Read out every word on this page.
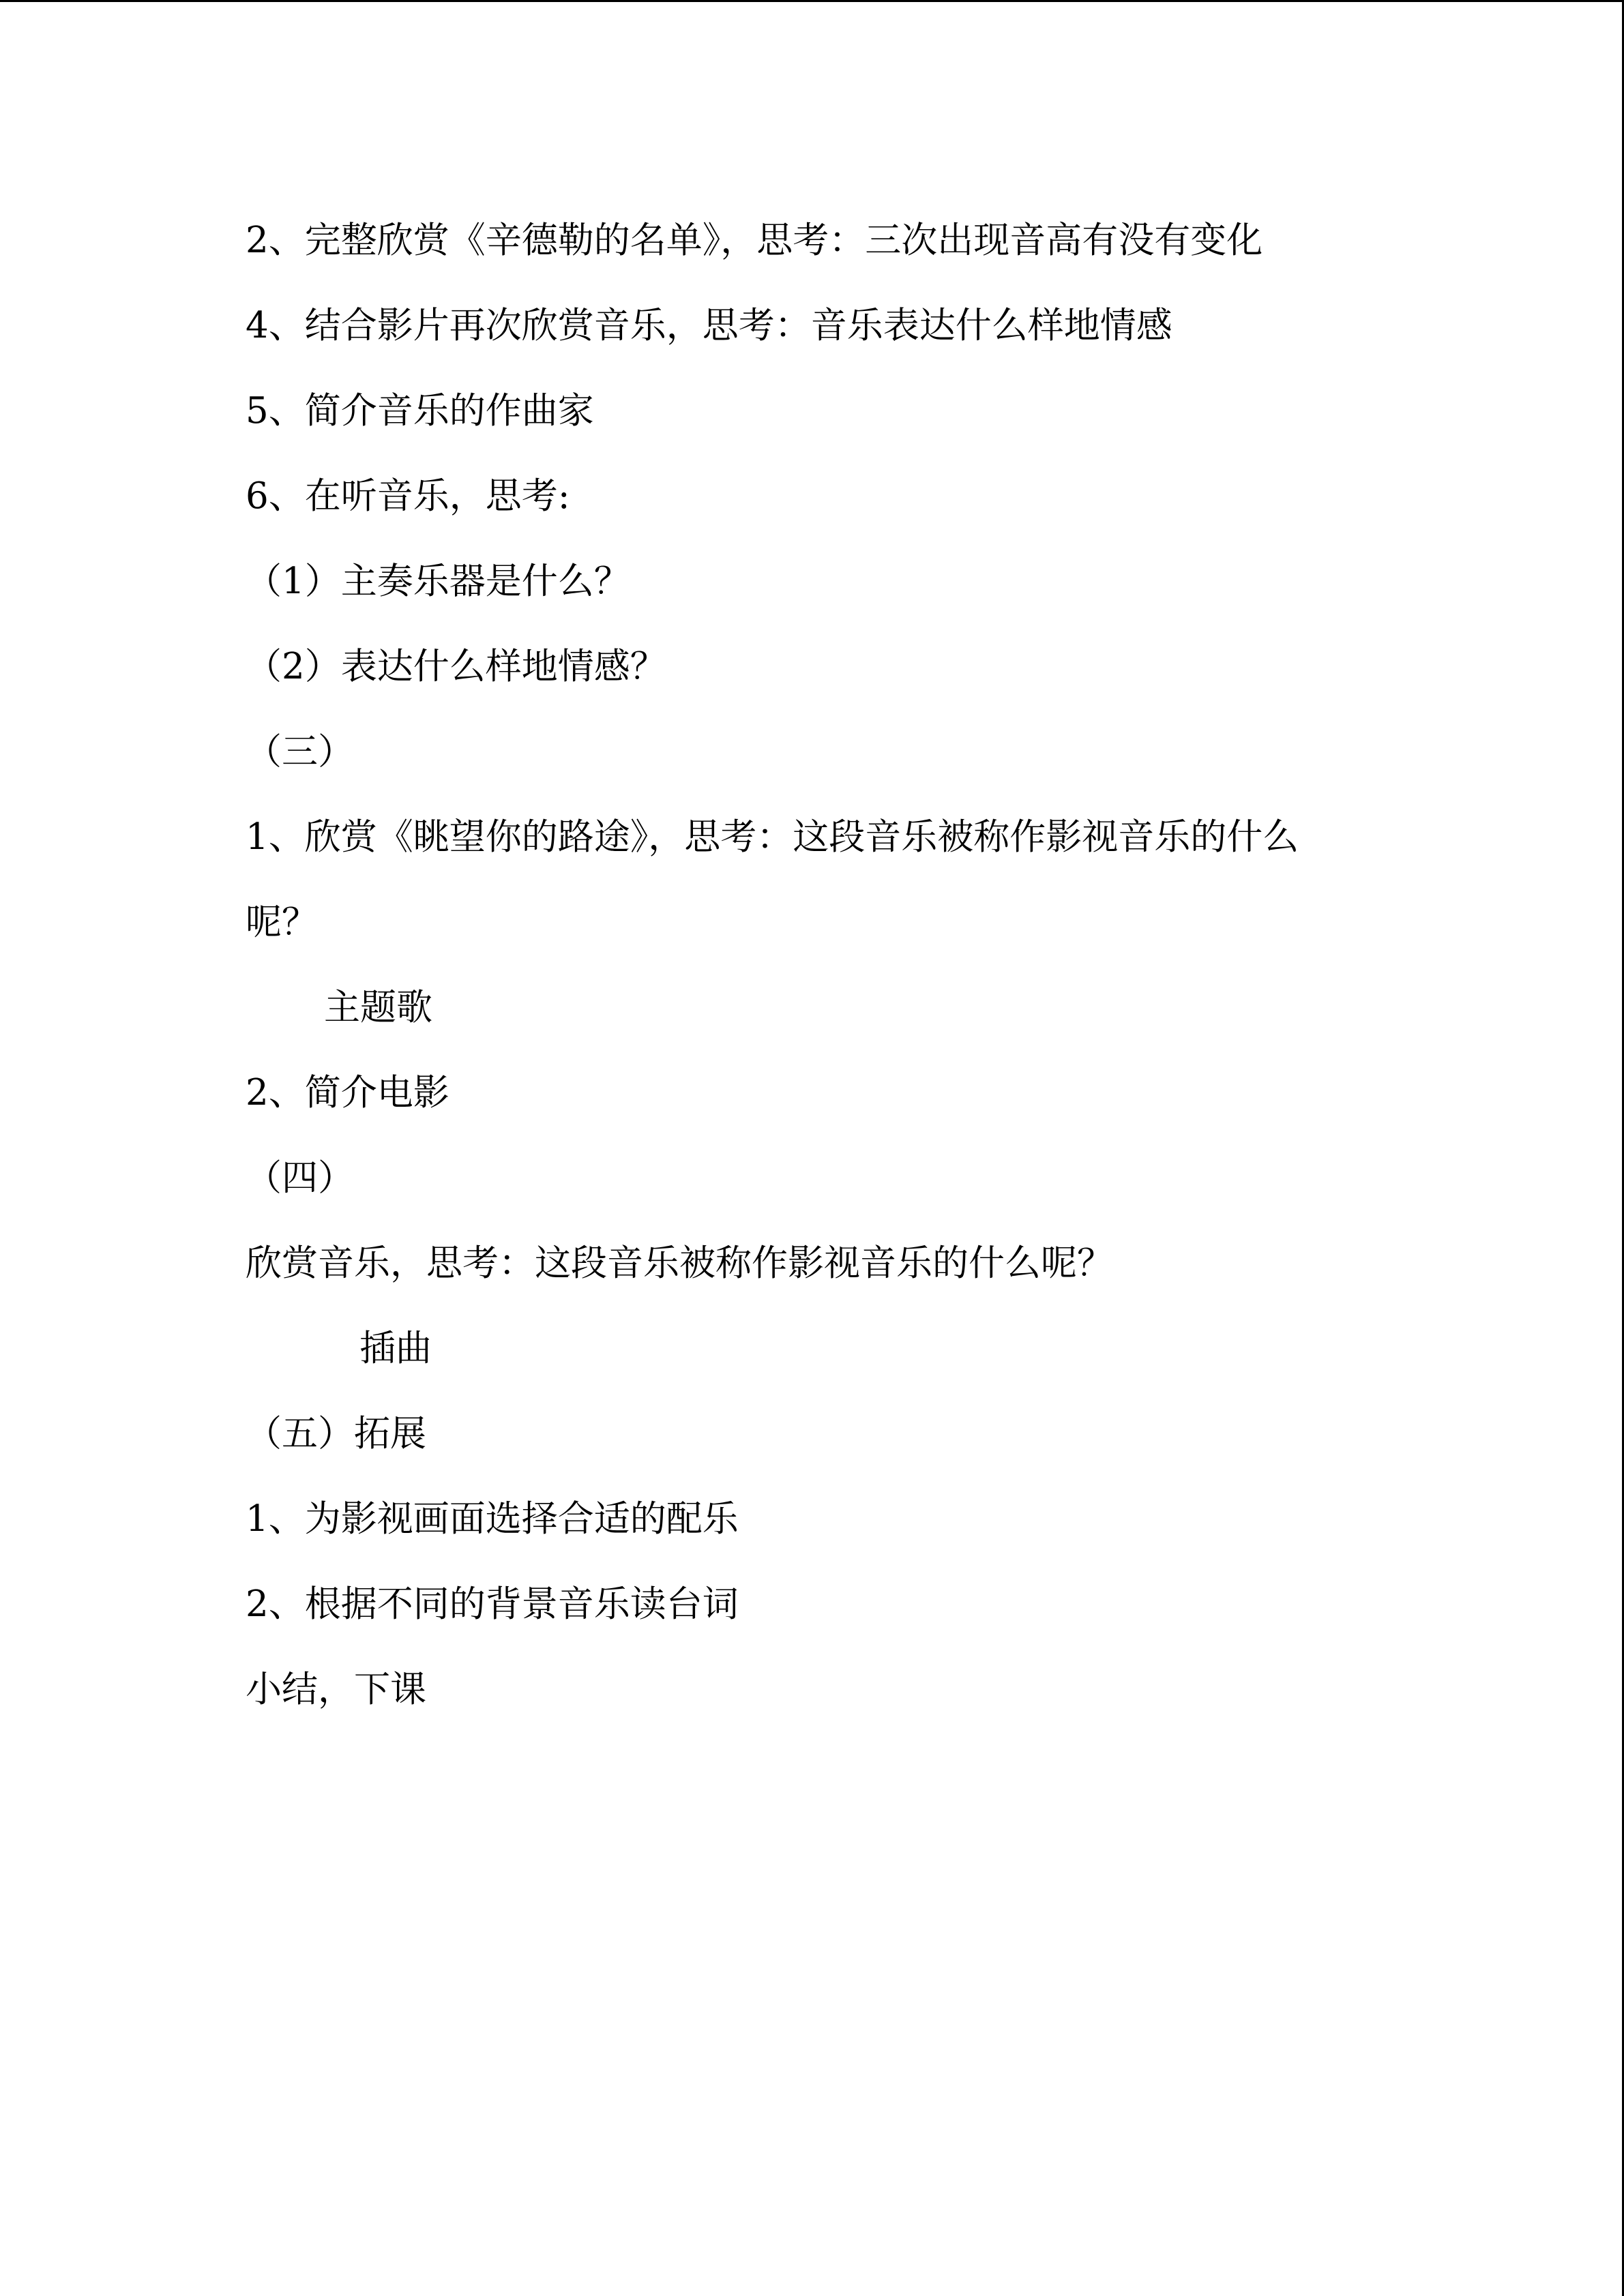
2、完整欣赏《辛德勒的名单》，思考：三次出现音高有没有变化
4、结合影片再次欣赏音乐，思考：音乐表达什么样地情感
5、简介音乐的作曲家
6、在听音乐，思考:
（1）主奏乐器是什么？
（2）表达什么样地情感？
（三）
1、欣赏《眺望你的路途》，思考：这段音乐被称作影视音乐的什么
呢？
主题歌
2、简介电影
（四）
欣赏音乐，思考：这段音乐被称作影视音乐的什么呢？
插曲
（五）拓展
1、为影视画面选择合适的配乐
2、根据不同的背景音乐读台词
小结，下课
